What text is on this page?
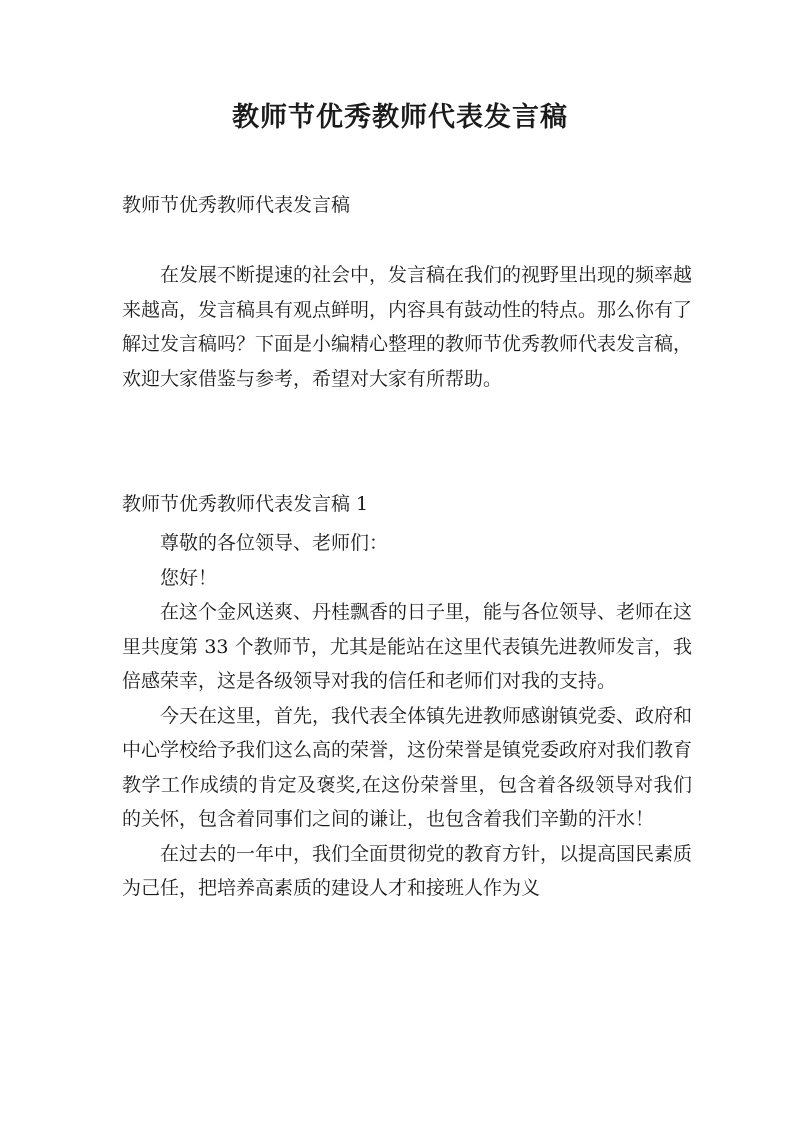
教师节优秀教师代表发言稿

教师节优秀教师代表发言稿

在发展不断提速的社会中，发言稿在我们的视野里出现的频率越来越高，发言稿具有观点鲜明，内容具有鼓动性的特点。那么你有了解过发言稿吗？下面是小编精心整理的教师节优秀教师代表发言稿，欢迎大家借鉴与参考，希望对大家有所帮助。

教师节优秀教师代表发言稿 1

尊敬的各位领导、老师们：

您好！

在这个金风送爽、丹桂飘香的日子里，能与各位领导、老师在这里共度第 33 个教师节，尤其是能站在这里代表镇先进教师发言，我倍感荣幸，这是各级领导对我的信任和老师们对我的支持。

今天在这里，首先，我代表全体镇先进教师感谢镇党委、政府和中心学校给予我们这么高的荣誉，这份荣誉是镇党委政府对我们教育教学工作成绩的肯定及褒奖,在这份荣誉里，包含着各级领导对我们的关怀，包含着同事们之间的谦让，也包含着我们辛勤的汗水！

在过去的一年中，我们全面贯彻党的教育方针，以提高国民素质为己任，把培养高素质的建设人才和接班人作为义
